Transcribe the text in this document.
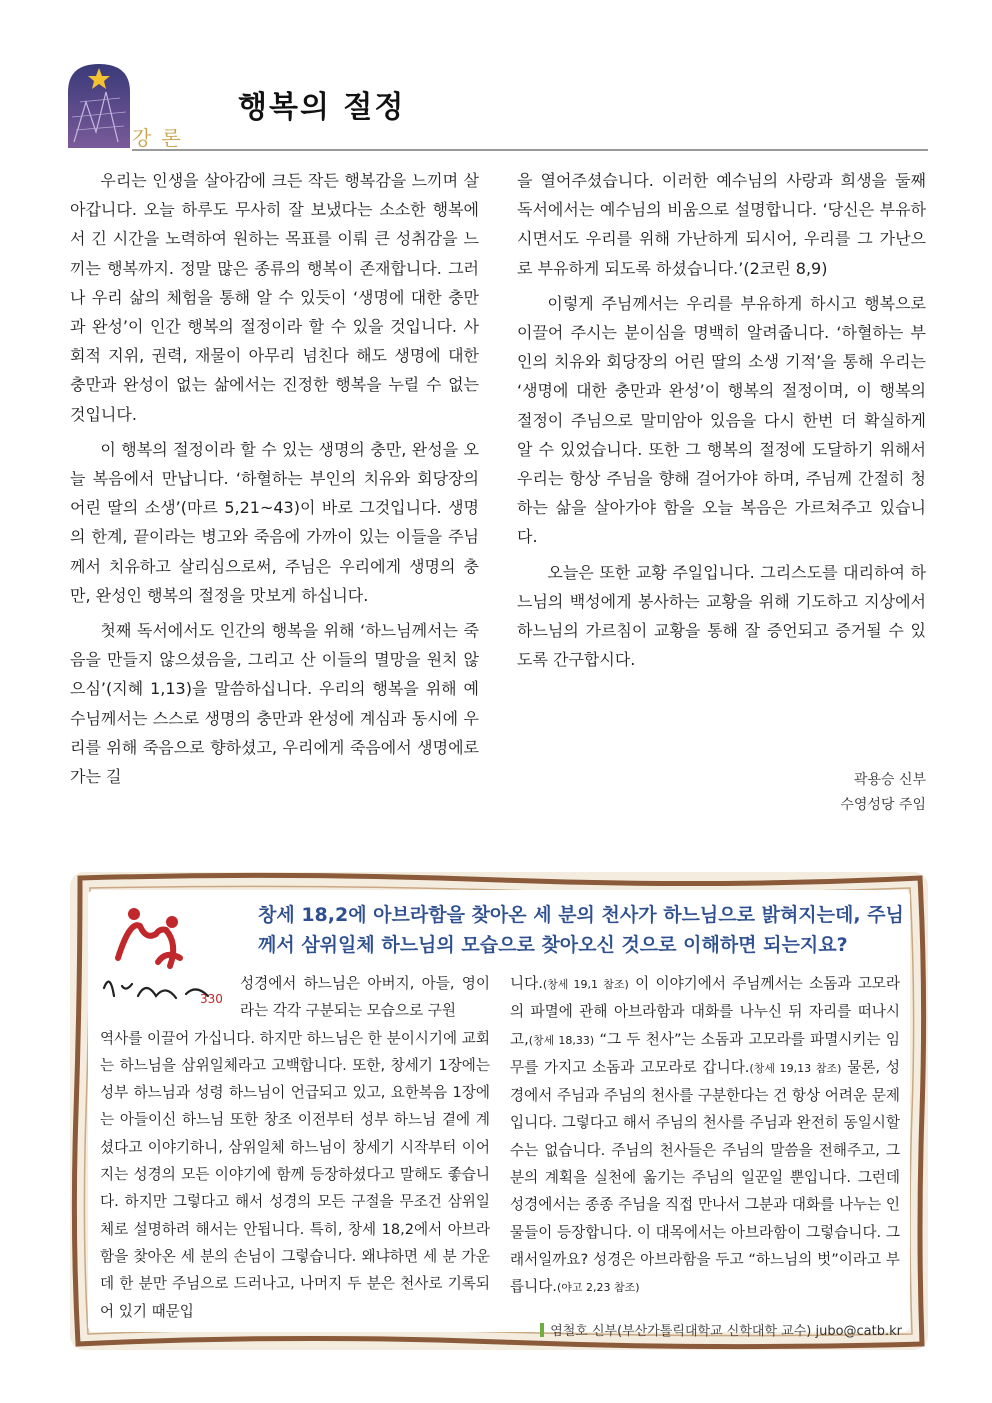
강론
행복의 절정

우리는 인생을 살아감에 크든 작든 행복감을 느끼며 살아갑니다. 오늘 하루도 무사히 잘 보냈다는 소소한 행복에서 긴 시간을 노력하여 원하는 목표를 이뤄 큰 성취감을 느끼는 행복까지. 정말 많은 종류의 행복이 존재합니다. 그러나 우리 삶의 체험을 통해 알 수 있듯이 ‘생명에 대한 충만과 완성’이 인간 행복의 절정이라 할 수 있을 것입니다. 사회적 지위, 권력, 재물이 아무리 넘친다 해도 생명에 대한 충만과 완성이 없는 삶에서는 진정한 행복을 누릴 수 없는 것입니다.

이 행복의 절정이라 할 수 있는 생명의 충만, 완성을 오늘 복음에서 만납니다. ‘하혈하는 부인의 치유와 회당장의 어린 딸의 소생’(마르 5,21~43)이 바로 그것입니다. 생명의 한계, 끝이라는 병고와 죽음에 가까이 있는 이들을 주님께서 치유하고 살리심으로써, 주님은 우리에게 생명의 충만, 완성인 행복의 절정을 맛보게 하십니다.

첫째 독서에서도 인간의 행복을 위해 ‘하느님께서는 죽음을 만들지 않으셨음을, 그리고 산 이들의 멸망을 원치 않으심’(지혜 1,13)을 말씀하십니다. 우리의 행복을 위해 예수님께서는 스스로 생명의 충만과 완성에 계심과 동시에 우리를 위해 죽음으로 향하셨고, 우리에게 죽음에서 생명에로 가는 길

을 열어주셨습니다. 이러한 예수님의 사랑과 희생을 둘째 독서에서는 예수님의 비움으로 설명합니다. ‘당신은 부유하시면서도 우리를 위해 가난하게 되시어, 우리를 그 가난으로 부유하게 되도록 하셨습니다.’(2코린 8,9)

이렇게 주님께서는 우리를 부유하게 하시고 행복으로 이끌어 주시는 분이심을 명백히 알려줍니다. ‘하혈하는 부인의 치유와 회당장의 어린 딸의 소생 기적’을 통해 우리는 ‘생명에 대한 충만과 완성’이 행복의 절정이며, 이 행복의 절정이 주님으로 말미암아 있음을 다시 한번 더 확실하게 알 수 있었습니다. 또한 그 행복의 절정에 도달하기 위해서 우리는 항상 주님을 향해 걸어가야 하며, 주님께 간절히 청하는 삶을 살아가야 함을 오늘 복음은 가르쳐주고 있습니다.

오늘은 또한 교황 주일입니다. 그리스도를 대리하여 하느님의 백성에게 봉사하는 교황을 위해 기도하고 지상에서 하느님의 가르침이 교황을 통해 잘 증언되고 증거될 수 있도록 간구합시다.

곽용승 신부
수영성당 주임
330
창세 18,2에 아브라함을 찾아온 세 분의 천사가 하느님으로 밝혀지는데, 주님께서 삼위일체 하느님의 모습으로 찾아오신 것으로 이해하면 되는지요?
성경에서 하느님은 아버지, 아들, 영이라는 각각 구분되는 모습으로 구원
역사를 이끌어 가십니다. 하지만 하느님은 한 분이시기에 교회는 하느님을 삼위일체라고 고백합니다. 또한, 창세기 1장에는 성부 하느님과 성령 하느님이 언급되고 있고, 요한복음 1장에는 아들이신 하느님 또한 창조 이전부터 성부 하느님 곁에 계셨다고 이야기하니, 삼위일체 하느님이 창세기 시작부터 이어지는 성경의 모든 이야기에 함께 등장하셨다고 말해도 좋습니다. 하지만 그렇다고 해서 성경의 모든 구절을 무조건 삼위일체로 설명하려 해서는 안됩니다. 특히, 창세 18,2에서 아브라함을 찾아온 세 분의 손님이 그렇습니다. 왜냐하면 세 분 가운데 한 분만 주님으로 드러나고, 나머지 두 분은 천사로 기록되어 있기 때문입
니다.(창세 19,1 참조) 이 이야기에서 주님께서는 소돔과 고모라의 파멸에 관해 아브라함과 대화를 나누신 뒤 자리를 떠나시고,(창세 18,33) “그 두 천사”는 소돔과 고모라를 파멸시키는 임무를 가지고 소돔과 고모라로 갑니다.(창세 19,13 참조) 물론, 성경에서 주님과 주님의 천사를 구분한다는 건 항상 어려운 문제입니다. 그렇다고 해서 주님의 천사를 주님과 완전히 동일시할 수는 없습니다. 주님의 천사들은 주님의 말씀을 전해주고, 그분의 계획을 실천에 옮기는 주님의 일꾼일 뿐입니다. 그런데 성경에서는 종종 주님을 직접 만나서 그분과 대화를 나누는 인물들이 등장합니다. 이 대목에서는 아브라함이 그렇습니다. 그래서일까요? 성경은 아브라함을 두고 “하느님의 벗”이라고 부릅니다.(야고 2,23 참조)
염철호 신부(부산가톨릭대학교 신학대학 교수) jubo@catb.kr
